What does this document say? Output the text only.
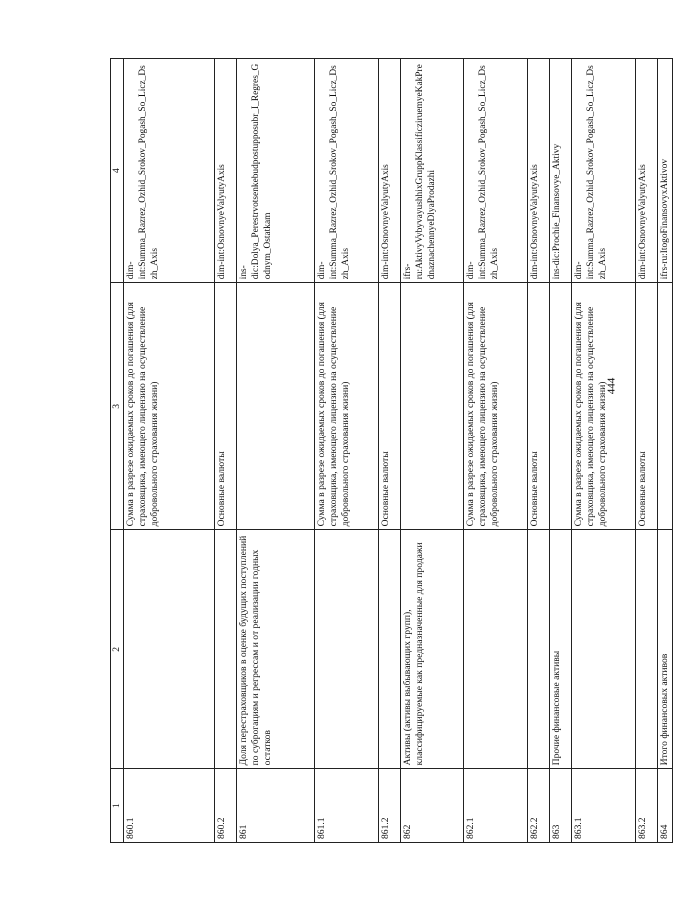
444
1	2	3	4
860.1		Сумма в разрезе ожидаемых сроков до погашения (для страховщика, имеющего лицензию на осуществление добровольного страхования жизни)	dim-int:Summa_Razrez_Ozhid_Srokov_Pogash_So_Licz_Dszh_Axis
860.2		Основные валюты	dim-int:OsnovnyeValyutyAxis
861	Доля перестраховщиков в оценке будущих поступлений по суброгациям и регрессам и от реализации годных остатков		ins-dic:Dolya_Perestrvotsenkebudpostupposubr_I_Regres_Godnym_Ostatkam
861.1		Сумма в разрезе ожидаемых сроков до погашения (для страховщика, имеющего лицензию на осуществление добровольного страхования жизни)	dim-int:Summa_Razrez_Ozhid_Srokov_Pogash_So_Licz_Dszh_Axis
861.2		Основные валюты	dim-int:OsnovnyeValyutyAxis
862	Активы (активы выбывающих групп), классифицируемые как предназначенные для продажи		ifrs-ru:AktivyVybyvayushhixGruppKlassificziruemyeKakPrednaznachennyeDlyaProdazhi
862.1		Сумма в разрезе ожидаемых сроков до погашения (для страховщика, имеющего лицензию на осуществление добровольного страхования жизни)	dim-int:Summa_Razrez_Ozhid_Srokov_Pogash_So_Licz_Dszh_Axis
862.2		Основные валюты	dim-int:OsnovnyeValyutyAxis
863	Прочие финансовые активы		ins-dic:Prochie_Finansovye_Aktivy
863.1		Сумма в разрезе ожидаемых сроков до погашения (для страховщика, имеющего лицензию на осуществление добровольного страхования жизни)	dim-int:Summa_Razrez_Ozhid_Srokov_Pogash_So_Licz_Dszh_Axis
863.2		Основные валюты	dim-int:OsnovnyeValyutyAxis
864	Итого финансовых активов		ifrs-ru:ItogoFinansovyxAktivov
